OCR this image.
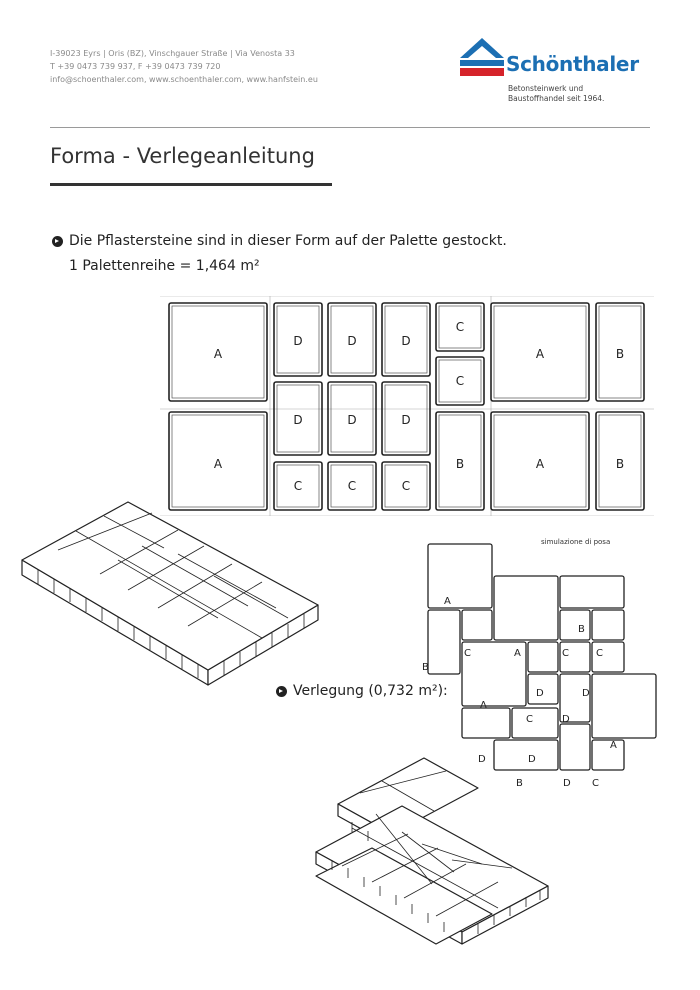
I-39023 Eyrs | Oris (BZ), Vinschgauer Straße | Via Venosta 33
T +39 0473 739 937, F +39 0473 739 720
info@schoenthaler.com, www.schoenthaler.com, www.hanfstein.eu
Schönthaler
Betonsteinwerk und
Baustoffhandel seit 1964.
Forma - Verlegeanleitung
Die Pflastersteine sind in dieser Form auf der Palette gestockt.
1 Palettenreihe = 1,464 m²
A
D	D	D
C
C
A	B
A
D	D	D
C	C	C
B	A	B
simulazione di posa
A
B
C	A	C	C
B
D	D
A
C	D
D	D
A
B	D C
Verlegung (0,732 m²):
